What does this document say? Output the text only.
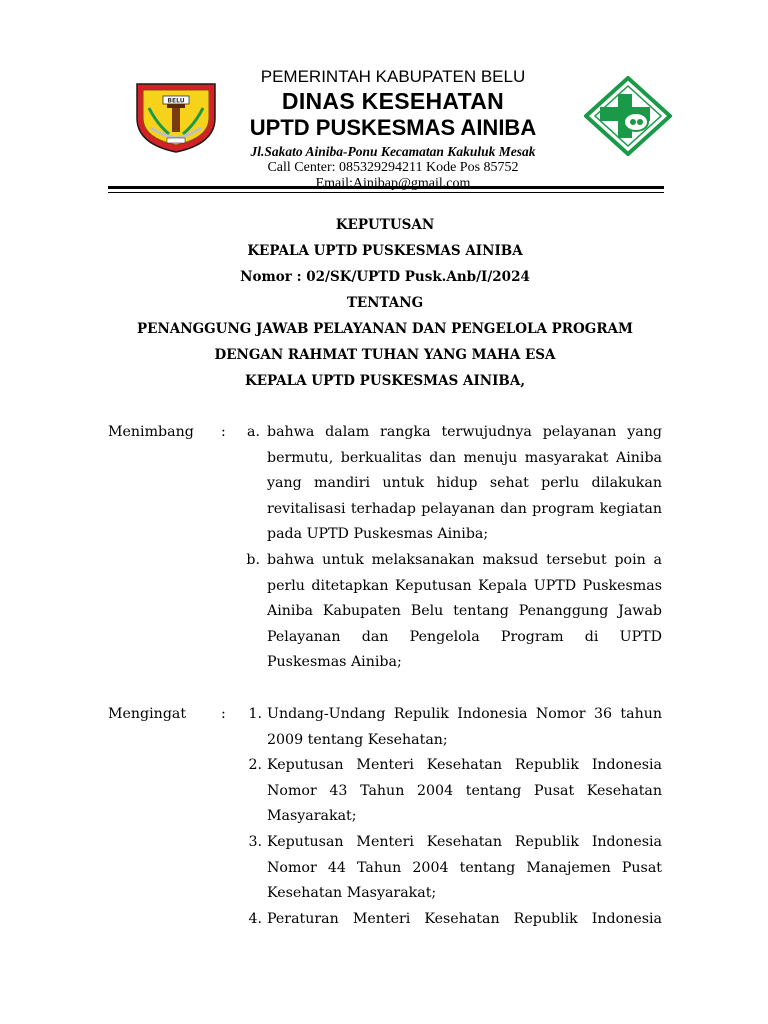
BELU
PEMERINTAH KABUPATEN BELU
DINAS KESEHATAN
UPTD PUSKESMAS AINIBA
Jl.Sakato Ainiba-Ponu Kecamatan Kakuluk Mesak
Call Center: 085329294211 Kode Pos 85752
Email:Ainibap@gmail.com
KEPUTUSAN
KEPALA UPTD PUSKESMAS AINIBA
Nomor : 02/SK/UPTD Pusk.Anb/I/2024
TENTANG
PENANGGUNG JAWAB PELAYANAN DAN PENGELOLA PROGRAM
DENGAN RAHMAT TUHAN YANG MAHA ESA
KEPALA UPTD PUSKESMAS AINIBA,
Menimbang :	a. bahwa dalam rangka terwujudnya pelayanan yang bermutu, berkualitas dan menuju masyarakat Ainiba yang mandiri untuk hidup sehat perlu dilakukan revitalisasi terhadap pelayanan dan program kegiatan pada UPTD Puskesmas Ainiba;
b. bahwa untuk melaksanakan maksud tersebut poin a perlu ditetapkan Keputusan Kepala UPTD Puskesmas Ainiba Kabupaten Belu tentang Penanggung Jawab Pelayanan dan Pengelola Program di UPTD Puskesmas Ainiba;
Mengingat :	1. Undang-Undang Repulik Indonesia Nomor 36 tahun 2009 tentang Kesehatan;
2. Keputusan Menteri Kesehatan Republik Indonesia Nomor 43 Tahun 2004 tentang Pusat Kesehatan Masyarakat;
3. Keputusan Menteri Kesehatan Republik Indonesia Nomor 44 Tahun 2004 tentang Manajemen Pusat Kesehatan Masyarakat;
4. Peraturan Menteri Kesehatan Republik Indonesia
